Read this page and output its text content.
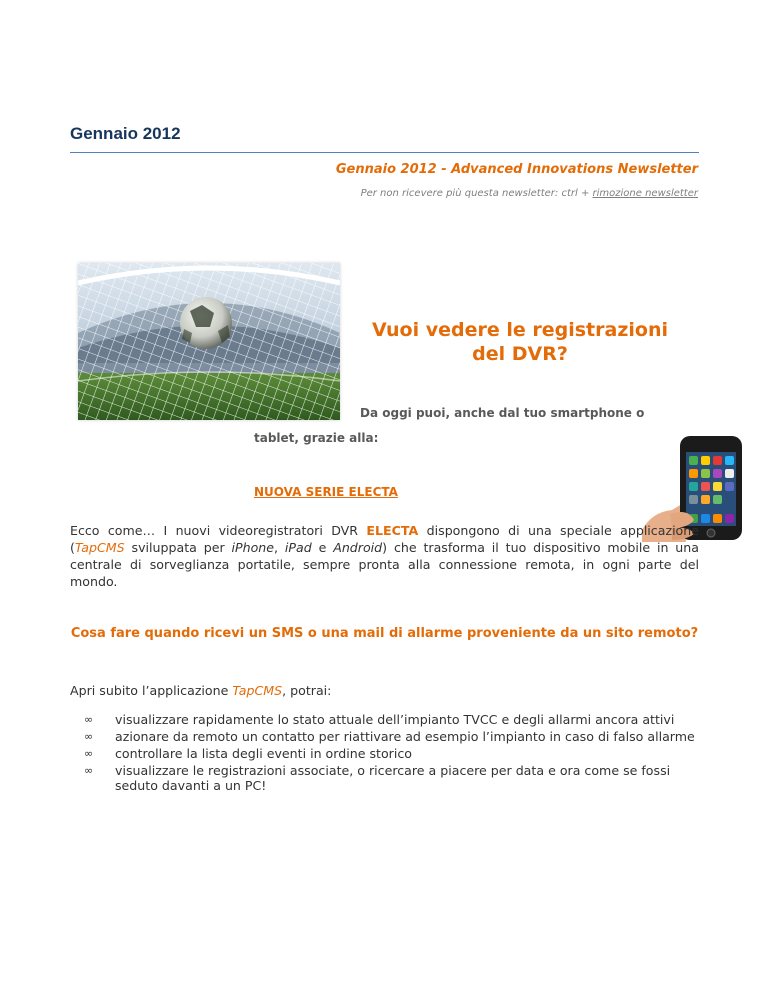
Gennaio 2012
Gennaio 2012 - Advanced Innovations Newsletter
Per non ricevere più questa newsletter: ctrl + rimozione newsletter
Vuoi vedere le registrazioni del DVR?
Da oggi puoi, anche dal tuo smartphone o
tablet, grazie alla:
NUOVA SERIE ELECTA

Ecco come… I nuovi videoregistratori DVR ELECTA dispongono di una speciale applicazione (TapCMS sviluppata per iPhone, iPad e Android) che trasforma il tuo dispositivo mobile in una centrale di sorveglianza portatile, sempre pronta alla connessione remota, in ogni parte del mondo.

Cosa fare quando ricevi un SMS o una mail di allarme proveniente da un sito remoto?

Apri subito l’applicazione TapCMS, potrai:

∞ visualizzare rapidamente lo stato attuale dell’impianto TVCC e degli allarmi ancora attivi
∞ azionare da remoto un contatto per riattivare ad esempio l’impianto in caso di falso allarme
∞ controllare la lista degli eventi in ordine storico
∞ visualizzare le registrazioni associate, o ricercare a piacere per data e ora come se fossi seduto davanti a un PC!
